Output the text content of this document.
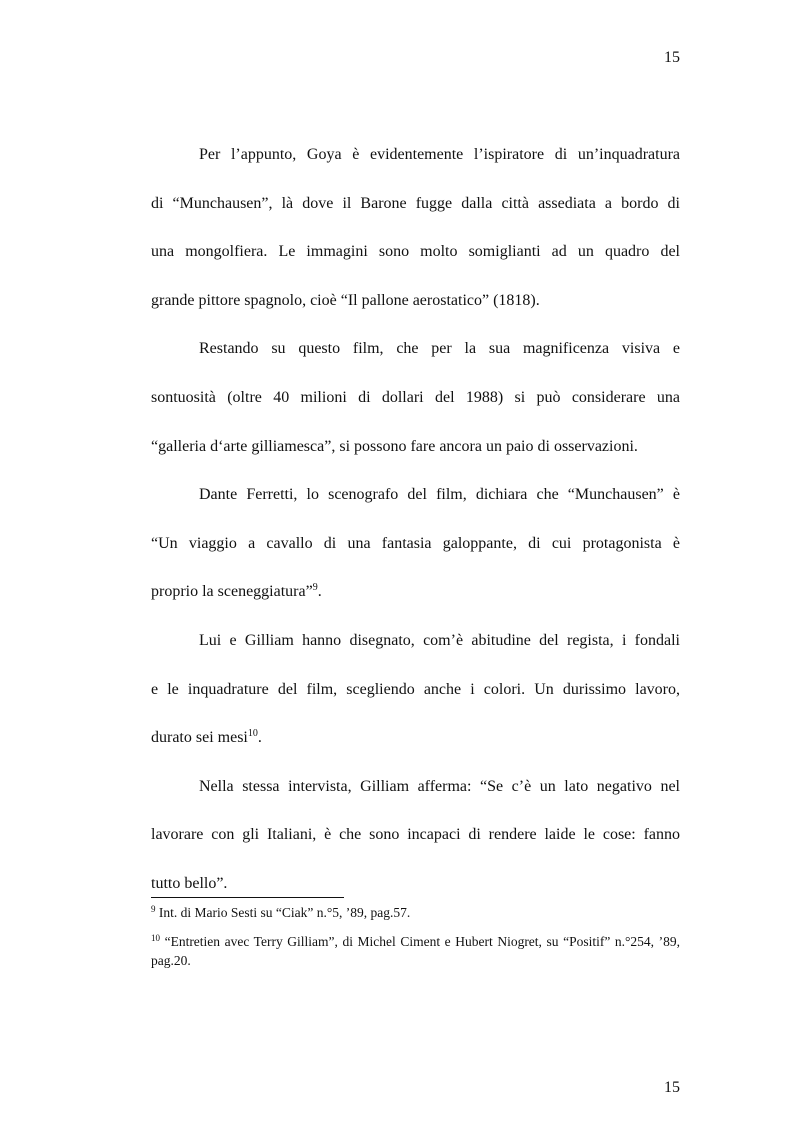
15
Per l’appunto, Goya è evidentemente l’ispiratore di un’inquadratura
di “Munchausen”, là dove il Barone fugge dalla città assediata a bordo di
una mongolfiera. Le immagini sono molto somiglianti ad un quadro del
grande pittore spagnolo, cioè “Il pallone aerostatico” (1818).
Restando su questo film, che per la sua magnificenza visiva e
sontuosità (oltre 40 milioni di dollari del 1988) si può considerare una
“galleria d‘arte gilliamesca”, si possono fare ancora un paio di osservazioni.
Dante Ferretti, lo scenografo del film, dichiara che “Munchausen” è
“Un viaggio a cavallo di una fantasia galoppante, di cui protagonista è
proprio la sceneggiatura”$^9$.
Lui e Gilliam hanno disegnato, com’è abitudine del regista, i fondali
e le inquadrature del film, scegliendo anche i colori. Un durissimo lavoro,
durato sei mesi$^{10}$.
Nella stessa intervista, Gilliam afferma: “Se c’è un lato negativo nel
lavorare con gli Italiani, è che sono incapaci di rendere laide le cose: fanno
tutto bello”.

$^9$ Int. di Mario Sesti su “Ciak” n.°5, ’89, pag.57.

$^{10}$ “Entretien avec Terry Gilliam”, di Michel Ciment e Hubert Niogret, su “Positif” n.°254, ’89, pag.20.

15
